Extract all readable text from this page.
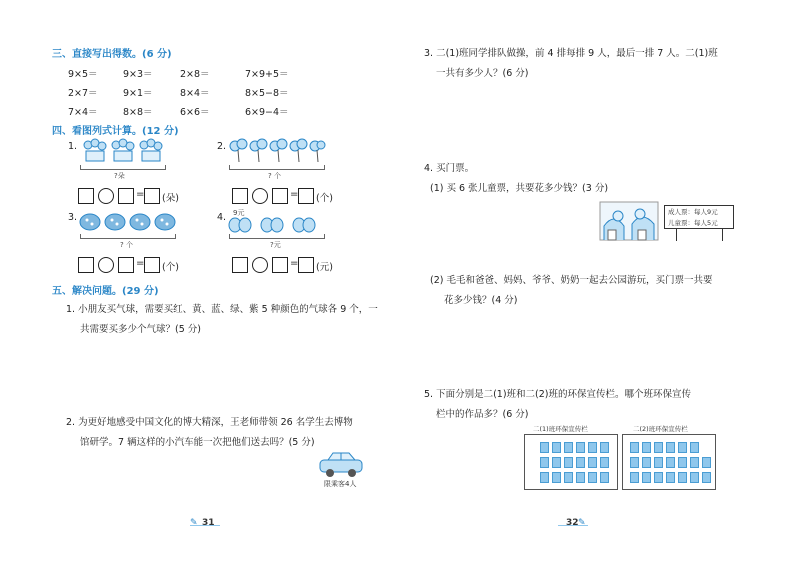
三、直接写出得数。(6 分)
9×5＝	9×3＝	2×8＝	7×9+5＝
2×7＝	9×1＝	8×4＝	8×5−8＝
7×4＝	8×8＝	6×6＝	6×9−4＝
四、看图列式计算。(12 分)
1.
?朵
= (朵)
2.
? 个
= (个)
3.
? 个
= (个)
4. 9元
?元
= (元)
五、解决问题。(29 分)
1. 小朋友买气球，需要买红、黄、蓝、绿、紫 5 种颜色的气球各 9 个，一
共需要买多少个气球？(5 分)
2. 为更好地感受中国文化的博大精深，王老师带领 26 名学生去博物
馆研学。7 辆这样的小汽车能一次把他们送去吗？(5 分)
限乘客4人
✎ 31
3. 二(1)班同学排队做操，前 4 排每排 9 人，最后一排 7 人。二(1)班
一共有多少人？(6 分)
4. 买门票。
(1) 买 6 张儿童票，共要花多少钱？(3 分)
成人票：每人9元
儿童票：每人5元
(2) 毛毛和爸爸、妈妈、爷爷、奶奶一起去公园游玩，买门票一共要
花多少钱？(4 分)
5. 下面分别是二(1)班和二(2)班的环保宣传栏。哪个班环保宣传
栏中的作品多？(6 分)
二(1)班环保宣传栏	二(2)班环保宣传栏
32 ✎
